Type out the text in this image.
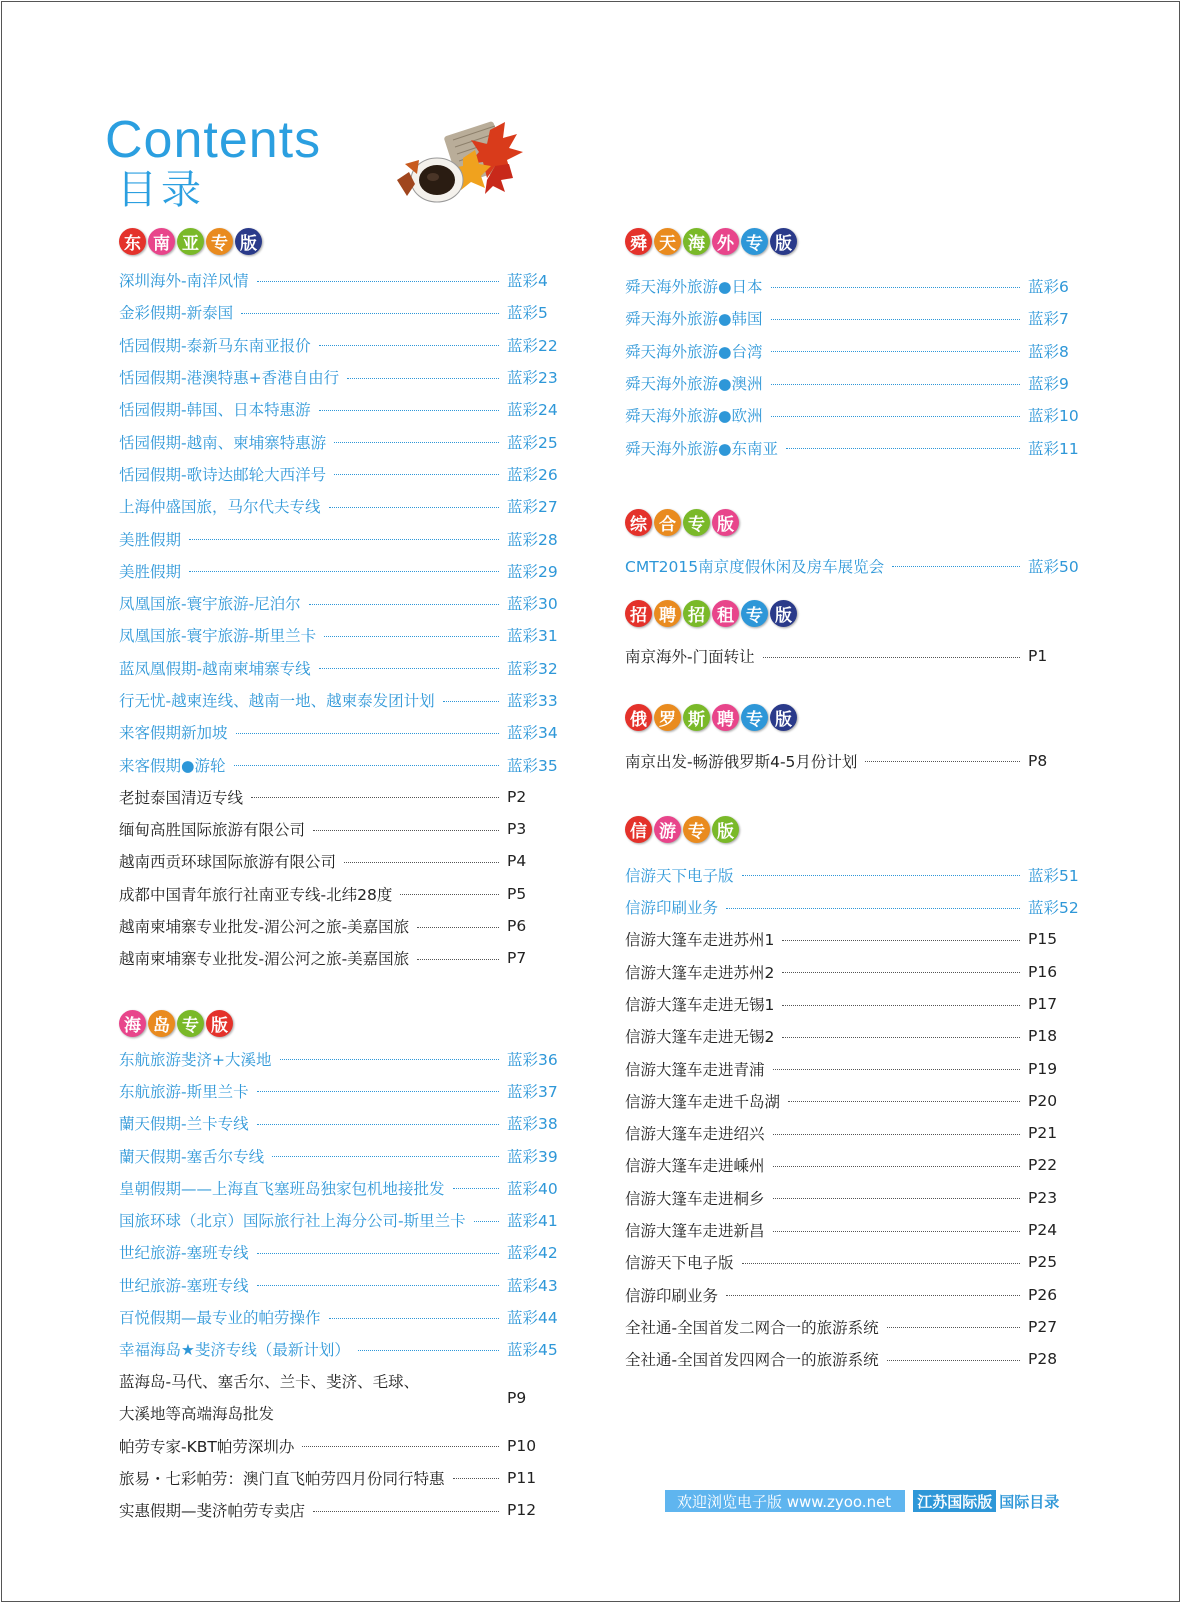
Contents
目录
东 南 亚 专 版
深圳海外-南洋风情	蓝彩4
金彩假期-新泰国	蓝彩5
恬园假期-泰新马东南亚报价	蓝彩22
恬园假期-港澳特惠+香港自由行	蓝彩23
恬园假期-韩国、日本特惠游	蓝彩24
恬园假期-越南、柬埔寨特惠游	蓝彩25
恬园假期-歌诗达邮轮大西洋号	蓝彩26
上海仲盛国旅，马尔代夫专线	蓝彩27
美胜假期	蓝彩28
美胜假期	蓝彩29
凤凰国旅-寰宇旅游-尼泊尔	蓝彩30
凤凰国旅-寰宇旅游-斯里兰卡	蓝彩31
蓝凤凰假期-越南柬埔寨专线	蓝彩32
行无忧-越柬连线、越南一地、越柬泰发团计划	蓝彩33
来客假期新加坡	蓝彩34
来客假期●游轮	蓝彩35
老挝泰国清迈专线	P2
缅甸高胜国际旅游有限公司	P3
越南西贡环球国际旅游有限公司	P4
成都中国青年旅行社南亚专线-北纬28度	P5
越南柬埔寨专业批发-湄公河之旅-美嘉国旅	P6
越南柬埔寨专业批发-湄公河之旅-美嘉国旅	P7
海 岛 专 版
东航旅游斐济+大溪地	蓝彩36
东航旅游-斯里兰卡	蓝彩37
蘭天假期-兰卡专线	蓝彩38
蘭天假期-塞舌尔专线	蓝彩39
皇朝假期——上海直飞塞班岛独家包机地接批发	蓝彩40
国旅环球（北京）国际旅行社上海分公司-斯里兰卡	蓝彩41
世纪旅游-塞班专线	蓝彩42
世纪旅游-塞班专线	蓝彩43
百悦假期—最专业的帕劳操作	蓝彩44
幸福海岛★斐济专线（最新计划）	蓝彩45
蓝海岛-马代、塞舌尔、兰卡、斐济、毛球、
大溪地等高端海岛批发
P9
帕劳专家-KBT帕劳深圳办	P10
旅易・七彩帕劳：澳门直飞帕劳四月份同行特惠	P11
实惠假期—斐济帕劳专卖店	P12
舜 天 海 外 专 版
舜天海外旅游●日本	蓝彩6
舜天海外旅游●韩国	蓝彩7
舜天海外旅游●台湾	蓝彩8
舜天海外旅游●澳洲	蓝彩9
舜天海外旅游●欧洲	蓝彩10
舜天海外旅游●东南亚	蓝彩11
综 合 专 版
CMT2015南京度假休闲及房车展览会	蓝彩50
招 聘 招 租 专 版
南京海外-门面转让	P1
俄 罗 斯 聘 专 版
南京出发-畅游俄罗斯4-5月份计划	P8
信 游 专 版
信游天下电子版	蓝彩51
信游印刷业务	蓝彩52
信游大篷车走进苏州1	P15
信游大篷车走进苏州2	P16
信游大篷车走进无锡1	P17
信游大篷车走进无锡2	P18
信游大篷车走进青浦	P19
信游大篷车走进千岛湖	P20
信游大篷车走进绍兴	P21
信游大篷车走进嵊州	P22
信游大篷车走进桐乡	P23
信游大篷车走进新昌	P24
信游天下电子版	P25
信游印刷业务	P26
全社通-全国首发二网合一的旅游系统	P27
全社通-全国首发四网合一的旅游系统	P28
欢迎浏览电子版 www.zyoo.net	江苏国际版 国际目录
